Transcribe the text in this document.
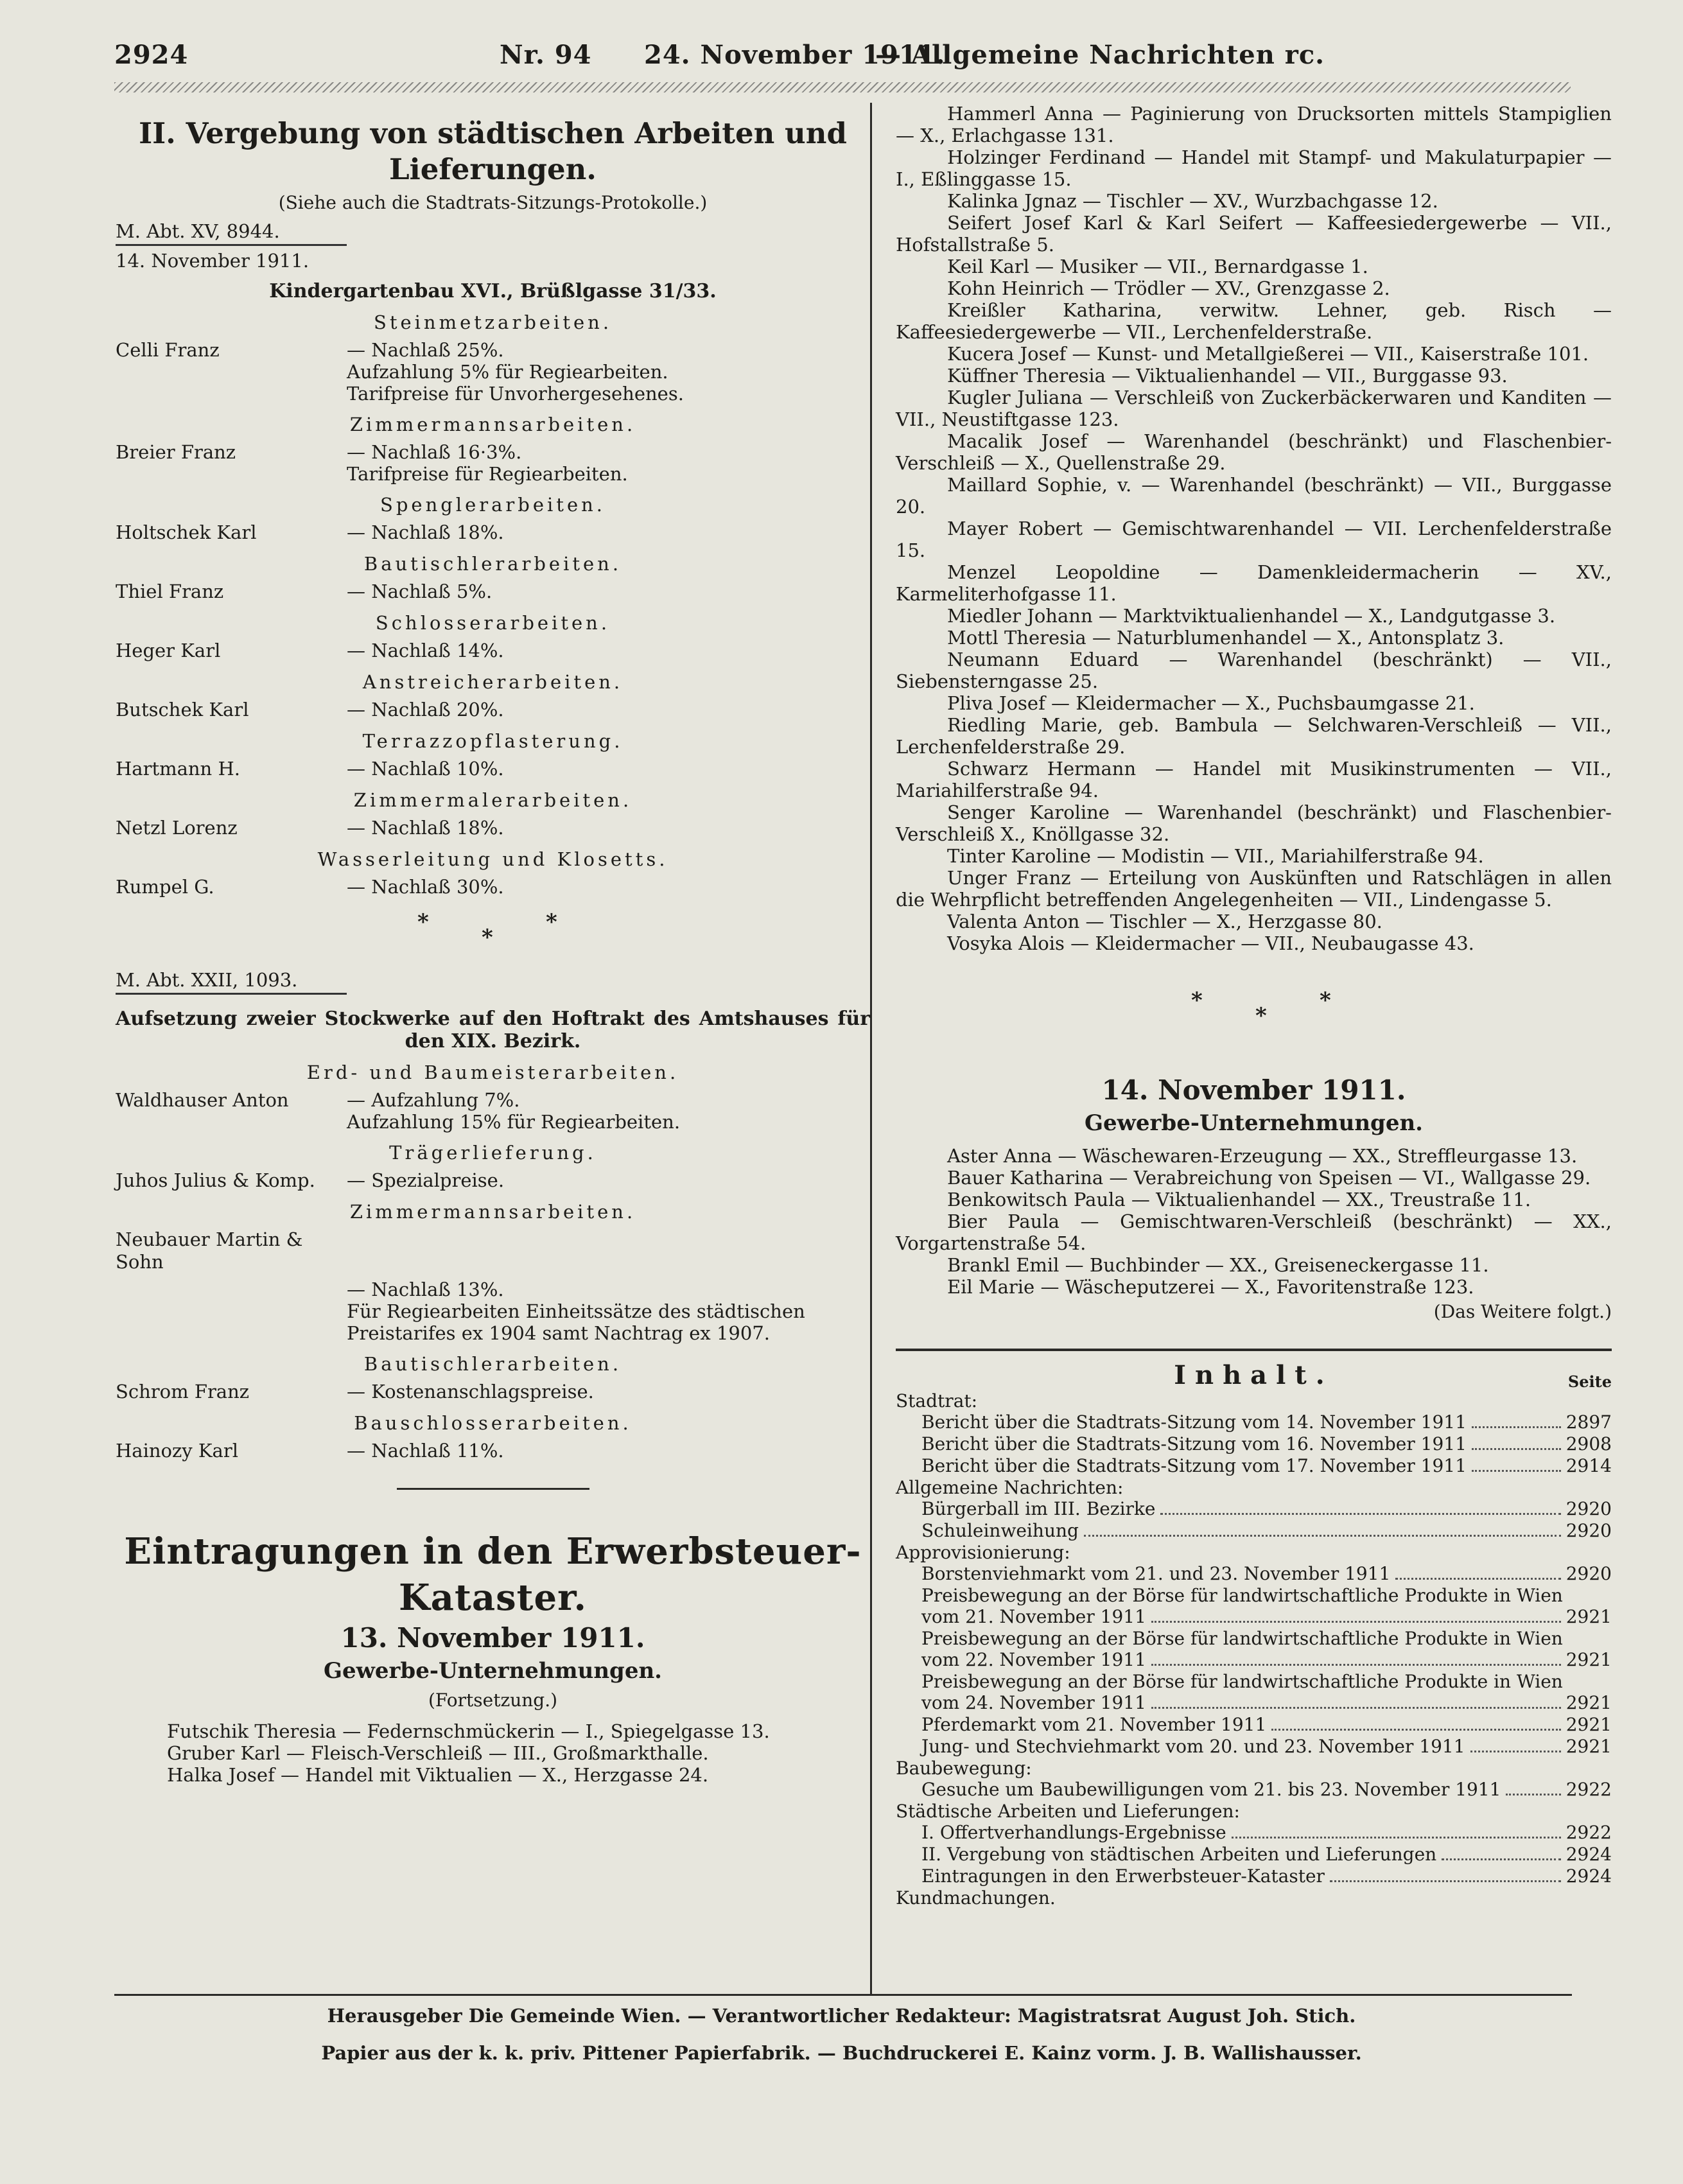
2924	Nr. 94 24. November 1911.
— Allgemeine Nachrichten rc.
II. Vergebung von städtischen Arbeiten und Lieferungen.
(Siehe auch die Stadtrats-Sitzungs-Protokolle.)
M. Abt. XV, 8944.
14. November 1911.
Kindergartenbau XVI., Brüßlgasse 31/33.
Steinmetzarbeiten.
Celli Franz	— Nachlaß 25%.
Aufzahlung 5% für Regiearbeiten.
Tarifpreise für Unvorhergesehenes.
Zimmermannsarbeiten.
Breier Franz	— Nachlaß 16·3%.
Tarifpreise für Regiearbeiten.
Spenglerarbeiten.
Holtschek Karl	— Nachlaß 18%.
Bautischlerarbeiten.
Thiel Franz	— Nachlaß 5%.
Schlosserarbeiten.
Heger Karl	— Nachlaß 14%.
Anstreicherarbeiten.
Butschek Karl	— Nachlaß 20%.
Terrazzopflasterung.
Hartmann H.	— Nachlaß 10%.
Zimmermalerarbeiten.
Netzl Lorenz	— Nachlaß 18%.
Wasserleitung und Klosetts.
Rumpel G.	— Nachlaß 30%.
*	*
*
M. Abt. XXII, 1093.
Aufsetzung zweier Stockwerke auf den Hoftrakt des Amtshauses für den XIX. Bezirk.
Erd- und Baumeisterarbeiten.
Waldhauser Anton	— Aufzahlung 7%.
Aufzahlung 15% für Regiearbeiten.
Trägerlieferung.
Juhos Julius & Komp.	— Spezialpreise.
Zimmermannsarbeiten.
Neubauer Martin & Sohn
— Nachlaß 13%.
Für Regiearbeiten Einheitssätze des städtischen Preistarifes ex 1904 samt Nachtrag ex 1907.
Bautischlerarbeiten.
Schrom Franz	— Kostenanschlagspreise.
Bauschlosserarbeiten.
Hainozy Karl	— Nachlaß 11%.
Eintragungen in den Erwerbsteuer-Kataster.
13. November 1911.
Gewerbe-Unternehmungen.
(Fortsetzung.)

Futschik Theresia — Federnschmückerin — I., Spiegelgasse 13.

Gruber Karl — Fleisch-Verschleiß — III., Großmarkthalle.

Halka Josef — Handel mit Viktualien — X., Herzgasse 24.

Hammerl Anna — Paginierung von Drucksorten mittels Stampiglien — X., Erlachgasse 131.

Holzinger Ferdinand — Handel mit Stampf- und Makulaturpapier — I., Eßlinggasse 15.

Kalinka Jgnaz — Tischler — XV., Wurzbachgasse 12.

Seifert Josef Karl & Karl Seifert — Kaffeesiedergewerbe — VII., Hofstallstraße 5.

Keil Karl — Musiker — VII., Bernardgasse 1.

Kohn Heinrich — Trödler — XV., Grenzgasse 2.

Kreißler Katharina, verwitw. Lehner, geb. Risch — Kaffeesiedergewerbe — VII., Lerchenfelderstraße.

Kucera Josef — Kunst- und Metallgießerei — VII., Kaiserstraße 101.

Küffner Theresia — Viktualienhandel — VII., Burggasse 93.

Kugler Juliana — Verschleiß von Zuckerbäckerwaren und Kanditen — VII., Neustiftgasse 123.

Macalik Josef — Warenhandel (beschränkt) und Flaschenbier-Verschleiß — X., Quellenstraße 29.

Maillard Sophie, v. — Warenhandel (beschränkt) — VII., Burggasse 20.

Mayer Robert — Gemischtwarenhandel — VII. Lerchenfelderstraße 15.

Menzel Leopoldine — Damenkleidermacherin — XV., Karmeliterhofgasse 11.

Miedler Johann — Marktviktualienhandel — X., Landgutgasse 3.

Mottl Theresia — Naturblumenhandel — X., Antonsplatz 3.

Neumann Eduard — Warenhandel (beschränkt) — VII., Siebensterngasse 25.

Pliva Josef — Kleidermacher — X., Puchsbaumgasse 21.

Riedling Marie, geb. Bambula — Selchwaren-Verschleiß — VII., Lerchenfelderstraße 29.

Schwarz Hermann — Handel mit Musikinstrumenten — VII., Mariahilferstraße 94.

Senger Karoline — Warenhandel (beschränkt) und Flaschenbier-Verschleiß X., Knöllgasse 32.

Tinter Karoline — Modistin — VII., Mariahilferstraße 94.

Unger Franz — Erteilung von Auskünften und Ratschlägen in allen die Wehrpflicht betreffenden Angelegenheiten — VII., Lindengasse 5.

Valenta Anton — Tischler — X., Herzgasse 80.

Vosyka Alois — Kleidermacher — VII., Neubaugasse 43.

*	*
*
14. November 1911.
Gewerbe-Unternehmungen.

Aster Anna — Wäschewaren-Erzeugung — XX., Streffleurgasse 13.

Bauer Katharina — Verabreichung von Speisen — VI., Wallgasse 29.

Benkowitsch Paula — Viktualienhandel — XX., Treustraße 11.

Bier Paula — Gemischtwaren-Verschleiß (beschränkt) — XX., Vorgartenstraße 54.

Brankl Emil — Buchbinder — XX., Greiseneckergasse 11.

Eil Marie — Wäscheputzerei — X., Favoritenstraße 123.

(Das Weitere folgt.)
Inhalt.	Seite
Stadtrat:
Bericht über die Stadtrats-Sitzung vom 14. November 1911	2897
Bericht über die Stadtrats-Sitzung vom 16. November 1911	2908
Bericht über die Stadtrats-Sitzung vom 17. November 1911	2914
Allgemeine Nachrichten:
Bürgerball im III. Bezirke	2920
Schuleinweihung	2920
Approvisionierung:
Borstenviehmarkt vom 21. und 23. November 1911	2920
Preisbewegung an der Börse für landwirtschaftliche Produkte in Wien
vom 21. November 1911	2921
Preisbewegung an der Börse für landwirtschaftliche Produkte in Wien
vom 22. November 1911	2921
Preisbewegung an der Börse für landwirtschaftliche Produkte in Wien
vom 24. November 1911	2921
Pferdemarkt vom 21. November 1911	2921
Jung- und Stechviehmarkt vom 20. und 23. November 1911	2921
Baubewegung:
Gesuche um Baubewilligungen vom 21. bis 23. November 1911	2922
Städtische Arbeiten und Lieferungen:
I. Offertverhandlungs-Ergebnisse	2922
II. Vergebung von städtischen Arbeiten und Lieferungen	2924
Eintragungen in den Erwerbsteuer-Kataster	2924
Kundmachungen.
Herausgeber Die Gemeinde Wien. — Verantwortlicher Redakteur: Magistratsrat August Joh. Stich.
Papier aus der k. k. priv. Pittener Papierfabrik. — Buchdruckerei E. Kainz vorm. J. B. Wallishausser.
